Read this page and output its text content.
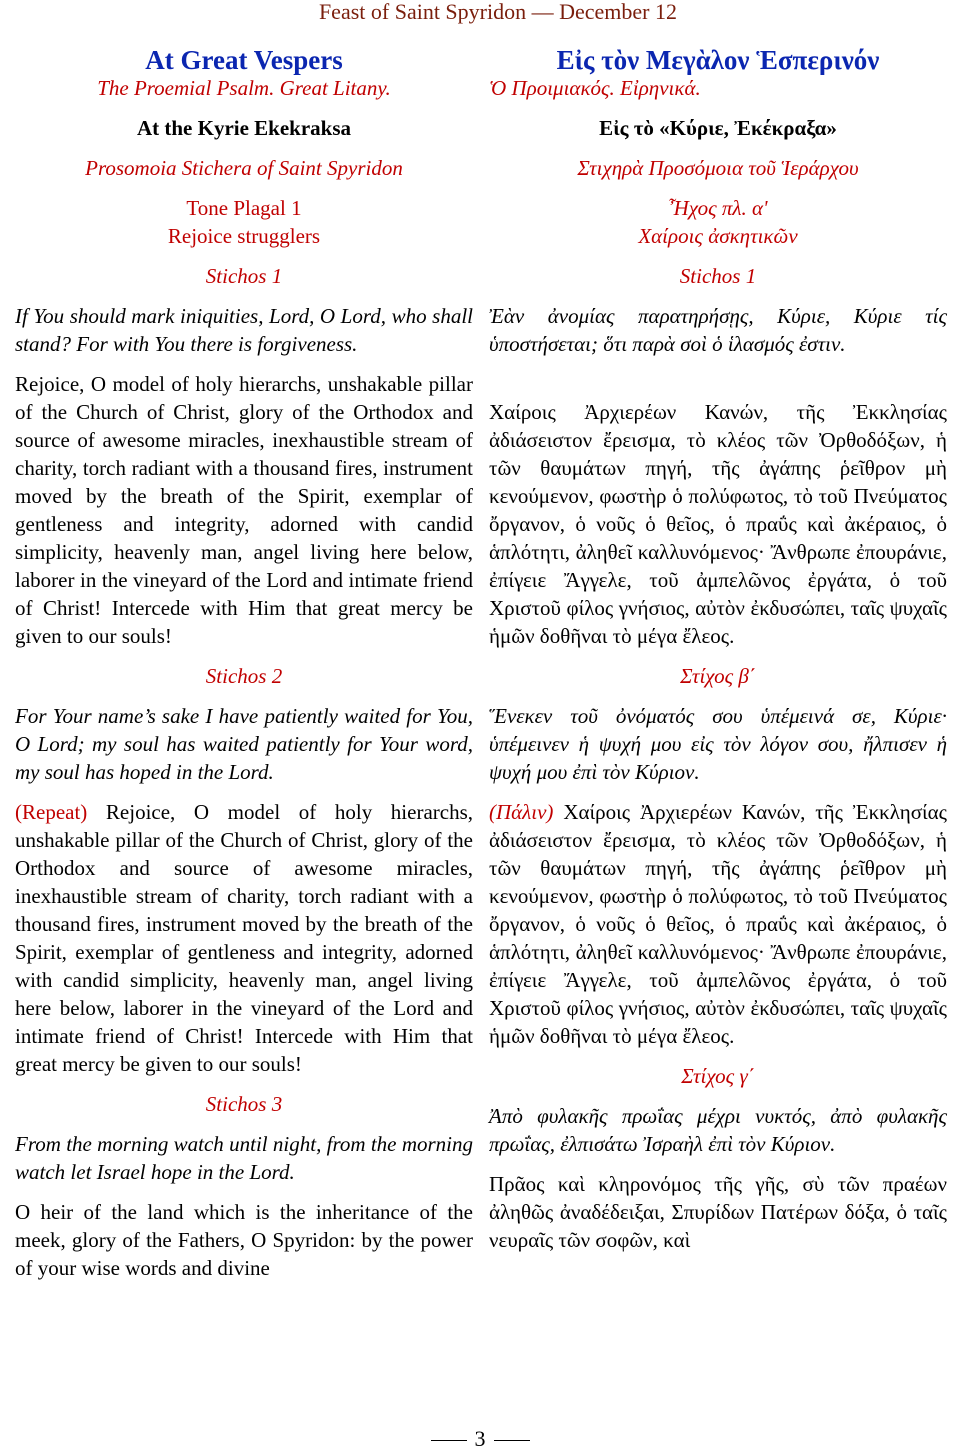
Feast of Saint Spyridon — December 12

At Great Vespers

The Proemial Psalm. Great Litany.

At the Kyrie Ekekraksa

Prosomoia Stichera of Saint Spyridon

Tone Plagal 1

Rejoice strugglers

Stichos 1

If You should mark iniquities, Lord, O Lord, who shall stand? For with You there is forgiveness.

Rejoice, O model of holy hierarchs, unshakable pillar of the Church of Christ, glory of the Orthodox and source of awesome miracles, inexhaustible stream of charity, torch radiant with a thousand fires, instrument moved by the breath of the Spirit, exemplar of gentleness and integrity, adorned with candid simplicity, heavenly man, angel living here below, laborer in the vineyard of the Lord and intimate friend of Christ! Intercede with Him that great mercy be given to our souls!

Stichos 2

For Your name’s sake I have patiently waited for You, O Lord; my soul has waited patiently for Your word, my soul has hoped in the Lord.

(Repeat) Rejoice, O model of holy hierarchs, unshakable pillar of the Church of Christ, glory of the Orthodox and source of awesome miracles, inexhaustible stream of charity, torch radiant with a thousand fires, instrument moved by the breath of the Spirit, exemplar of gentleness and integrity, adorned with candid simplicity, heavenly man, angel living here below, laborer in the vineyard of the Lord and intimate friend of Christ! Intercede with Him that great mercy be given to our souls!

Stichos 3

From the morning watch until night, from the morning watch let Israel hope in the Lord.

O heir of the land which is the inheritance of the meek, glory of the Fathers, O Spyridon: by the power of your wise words and divine

Εἰς τὸν Μεγὰλον Ἑσπερινόν

Ὁ Προιμιακός. Εἰρηνικά.

Εἰς τὸ «Κύριε, Ἐκέκραξα»

Στιχηρὰ Προσόμοια τοῦ Ἱεράρχου

Ἦχος πλ. α'

Χαίροις ἀσκητικῶν

Stichos 1

Ἐὰν ἀνομίας παρατηρήσῃς, Κύριε, Κύριε τίς ὑποστήσεται; ὅτι παρὰ σοὶ ὁ ἱλασμός ἐστιν.

Χαίροις Ἀρχιερέων Κανών, τῆς Ἐκκλησίας ἀδιάσειστον ἔρεισμα, τὸ κλέος τῶν Ὀρθοδόξων, ἡ τῶν θαυμάτων πηγή, τῆς ἀγάπης ῥεῖθρον μὴ κενούμενον, φωστὴρ ὁ πολύφωτος, τὸ τοῦ Πνεύματος ὄργανον, ὁ νοῦς ὁ θεῖος, ὁ πραΰς καὶ ἀκέραιος, ὁ ἁπλότητι, ἀληθεῖ καλλυνόμενος· Ἄνθρωπε ἐπουράνιε, ἐπίγειε Ἄγγελε, τοῦ ἀμπελῶνος ἐργάτα, ὁ τοῦ Χριστοῦ φίλος γνήσιος, αὐτὸν ἐκδυσώπει, ταῖς ψυχαῖς ἡμῶν δοθῆναι τὸ μέγα ἔλεος.

Στίχος β΄

Ἕνεκεν τοῦ ὀνόματός σου ὑπέμεινά σε, Κύριε· ὑπέμεινεν ἡ ψυχή μου εἰς τὸν λόγον σου, ἤλπισεν ἡ ψυχή μου ἐπὶ τὸν Κύριον.

(Πάλιν) Χαίροις Ἀρχιερέων Κανών, τῆς Ἐκκλησίας ἀδιάσειστον ἔρεισμα, τὸ κλέος τῶν Ὀρθοδόξων, ἡ τῶν θαυμάτων πηγή, τῆς ἀγάπης ῥεῖθρον μὴ κενούμενον, φωστὴρ ὁ πολύφωτος, τὸ τοῦ Πνεύματος ὄργανον, ὁ νοῦς ὁ θεῖος, ὁ πραΰς καὶ ἀκέραιος, ὁ ἁπλότητι, ἀληθεῖ καλλυνόμενος· Ἄνθρωπε ἐπουράνιε, ἐπίγειε Ἄγγελε, τοῦ ἀμπελῶνος ἐργάτα, ὁ τοῦ Χριστοῦ φίλος γνήσιος, αὐτὸν ἐκδυσώπει, ταῖς ψυχαῖς ἡμῶν δοθῆναι τὸ μέγα ἔλεος.

Στίχος γ΄

Ἀπὸ φυλακῆς πρωΐας μέχρι νυκτός, ἀπὸ φυλακῆς πρωΐας, ἐλπισάτω Ἰσραὴλ ἐπὶ τὸν Κύριον.

Πρᾶος καὶ κληρονόμος τῆς γῆς, σὺ τῶν πραέων ἀληθῶς ἀναδέδειξαι, Σπυρίδων Πατέρων δόξα, ὁ ταῖς νευραῖς τῶν σοφῶν, καὶ

3
